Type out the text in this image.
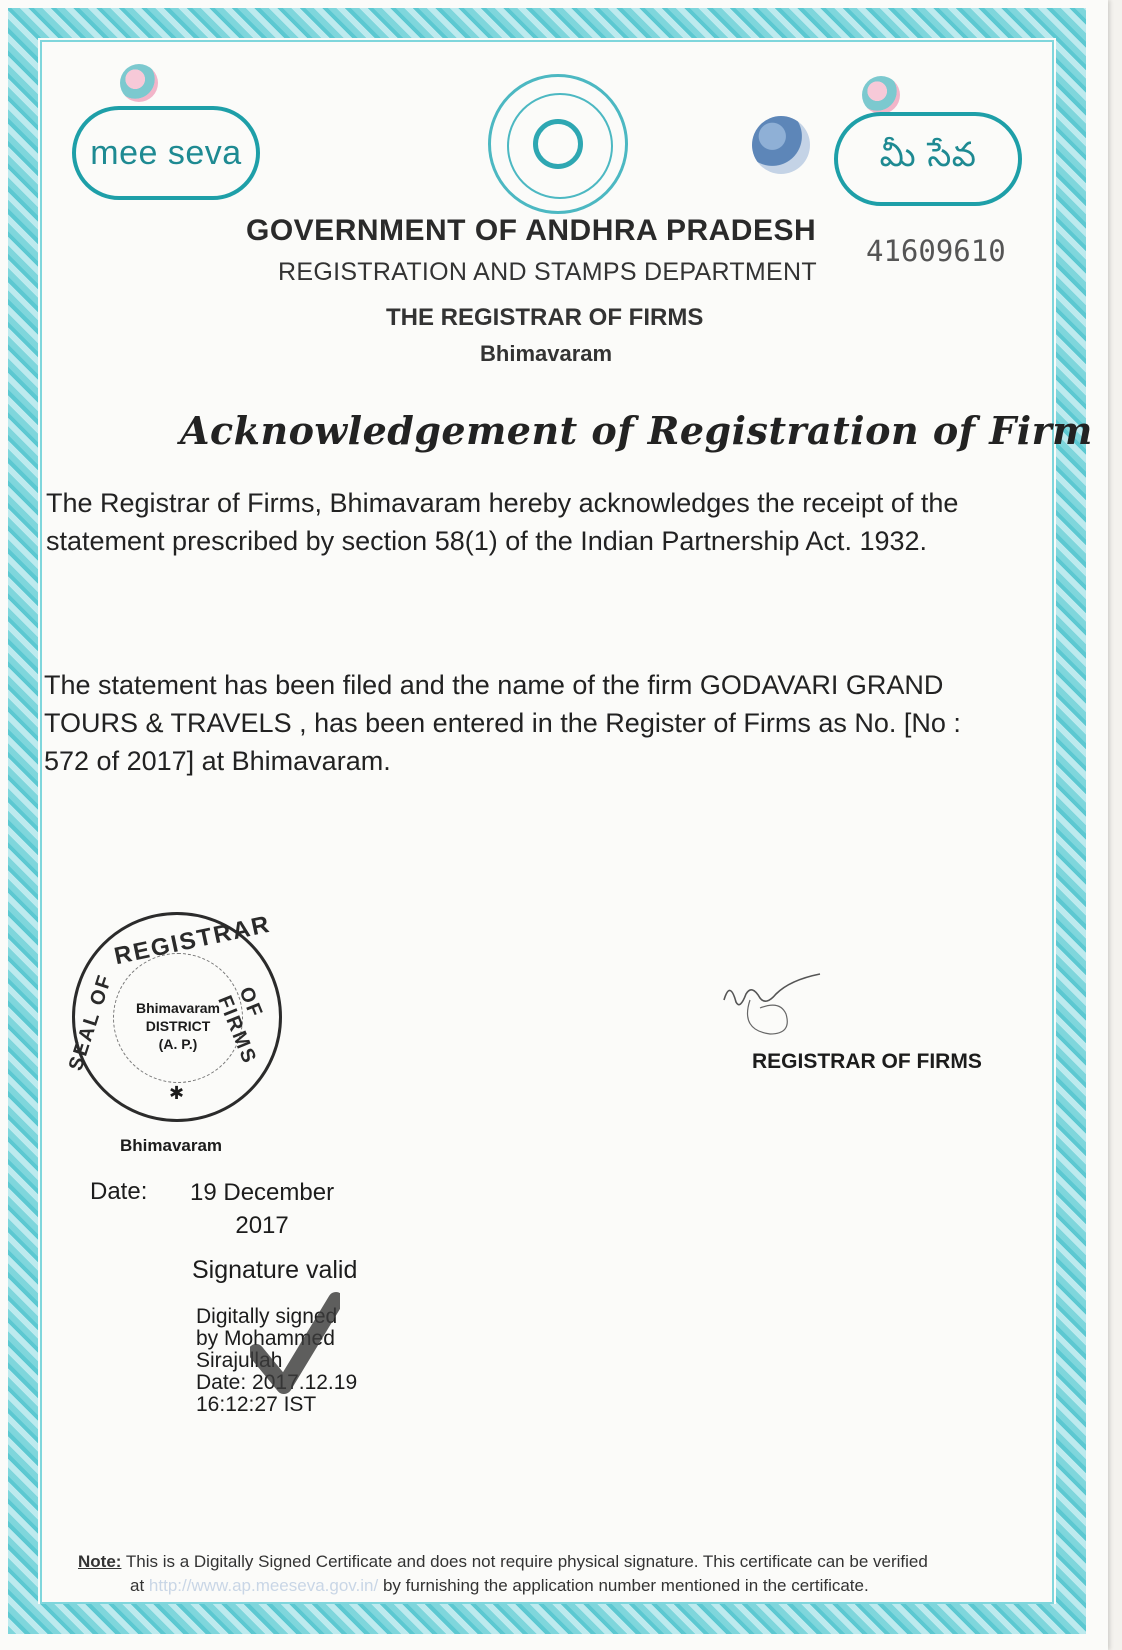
mee seva	మీ సేవ
GOVERNMENT OF ANDHRA PRADESH
41609610
REGISTRATION AND STAMPS DEPARTMENT
THE REGISTRAR OF FIRMS
Bhimavaram
Acknowledgement of Registration of Firm
The Registrar of Firms, Bhimavaram hereby acknowledges the receipt of the
statement prescribed by section 58(1) of the Indian Partnership Act. 1932.
The statement has been filed and the name of the firm GODAVARI GRAND
TOURS & TRAVELS , has been entered in the Register of Firms as No. [No :
572 of 2017] at Bhimavaram.
REGISTRAR
SEAL OF	OF FIRMS
Bhimavaram
DISTRICT
(A. P.)
✱
Bhimavaram
REGISTRAR OF FIRMS
Date: 19 December
2017
Signature valid
Digitally signed
by Mohammed
Sirajullah
Date: 2017.12.19
16:12:27 IST
Note: This is a Digitally Signed Certificate and does not require physical signature. This certificate can be verified
at http://www.ap.meeseva.gov.in/ by furnishing the application number mentioned in the certificate.
